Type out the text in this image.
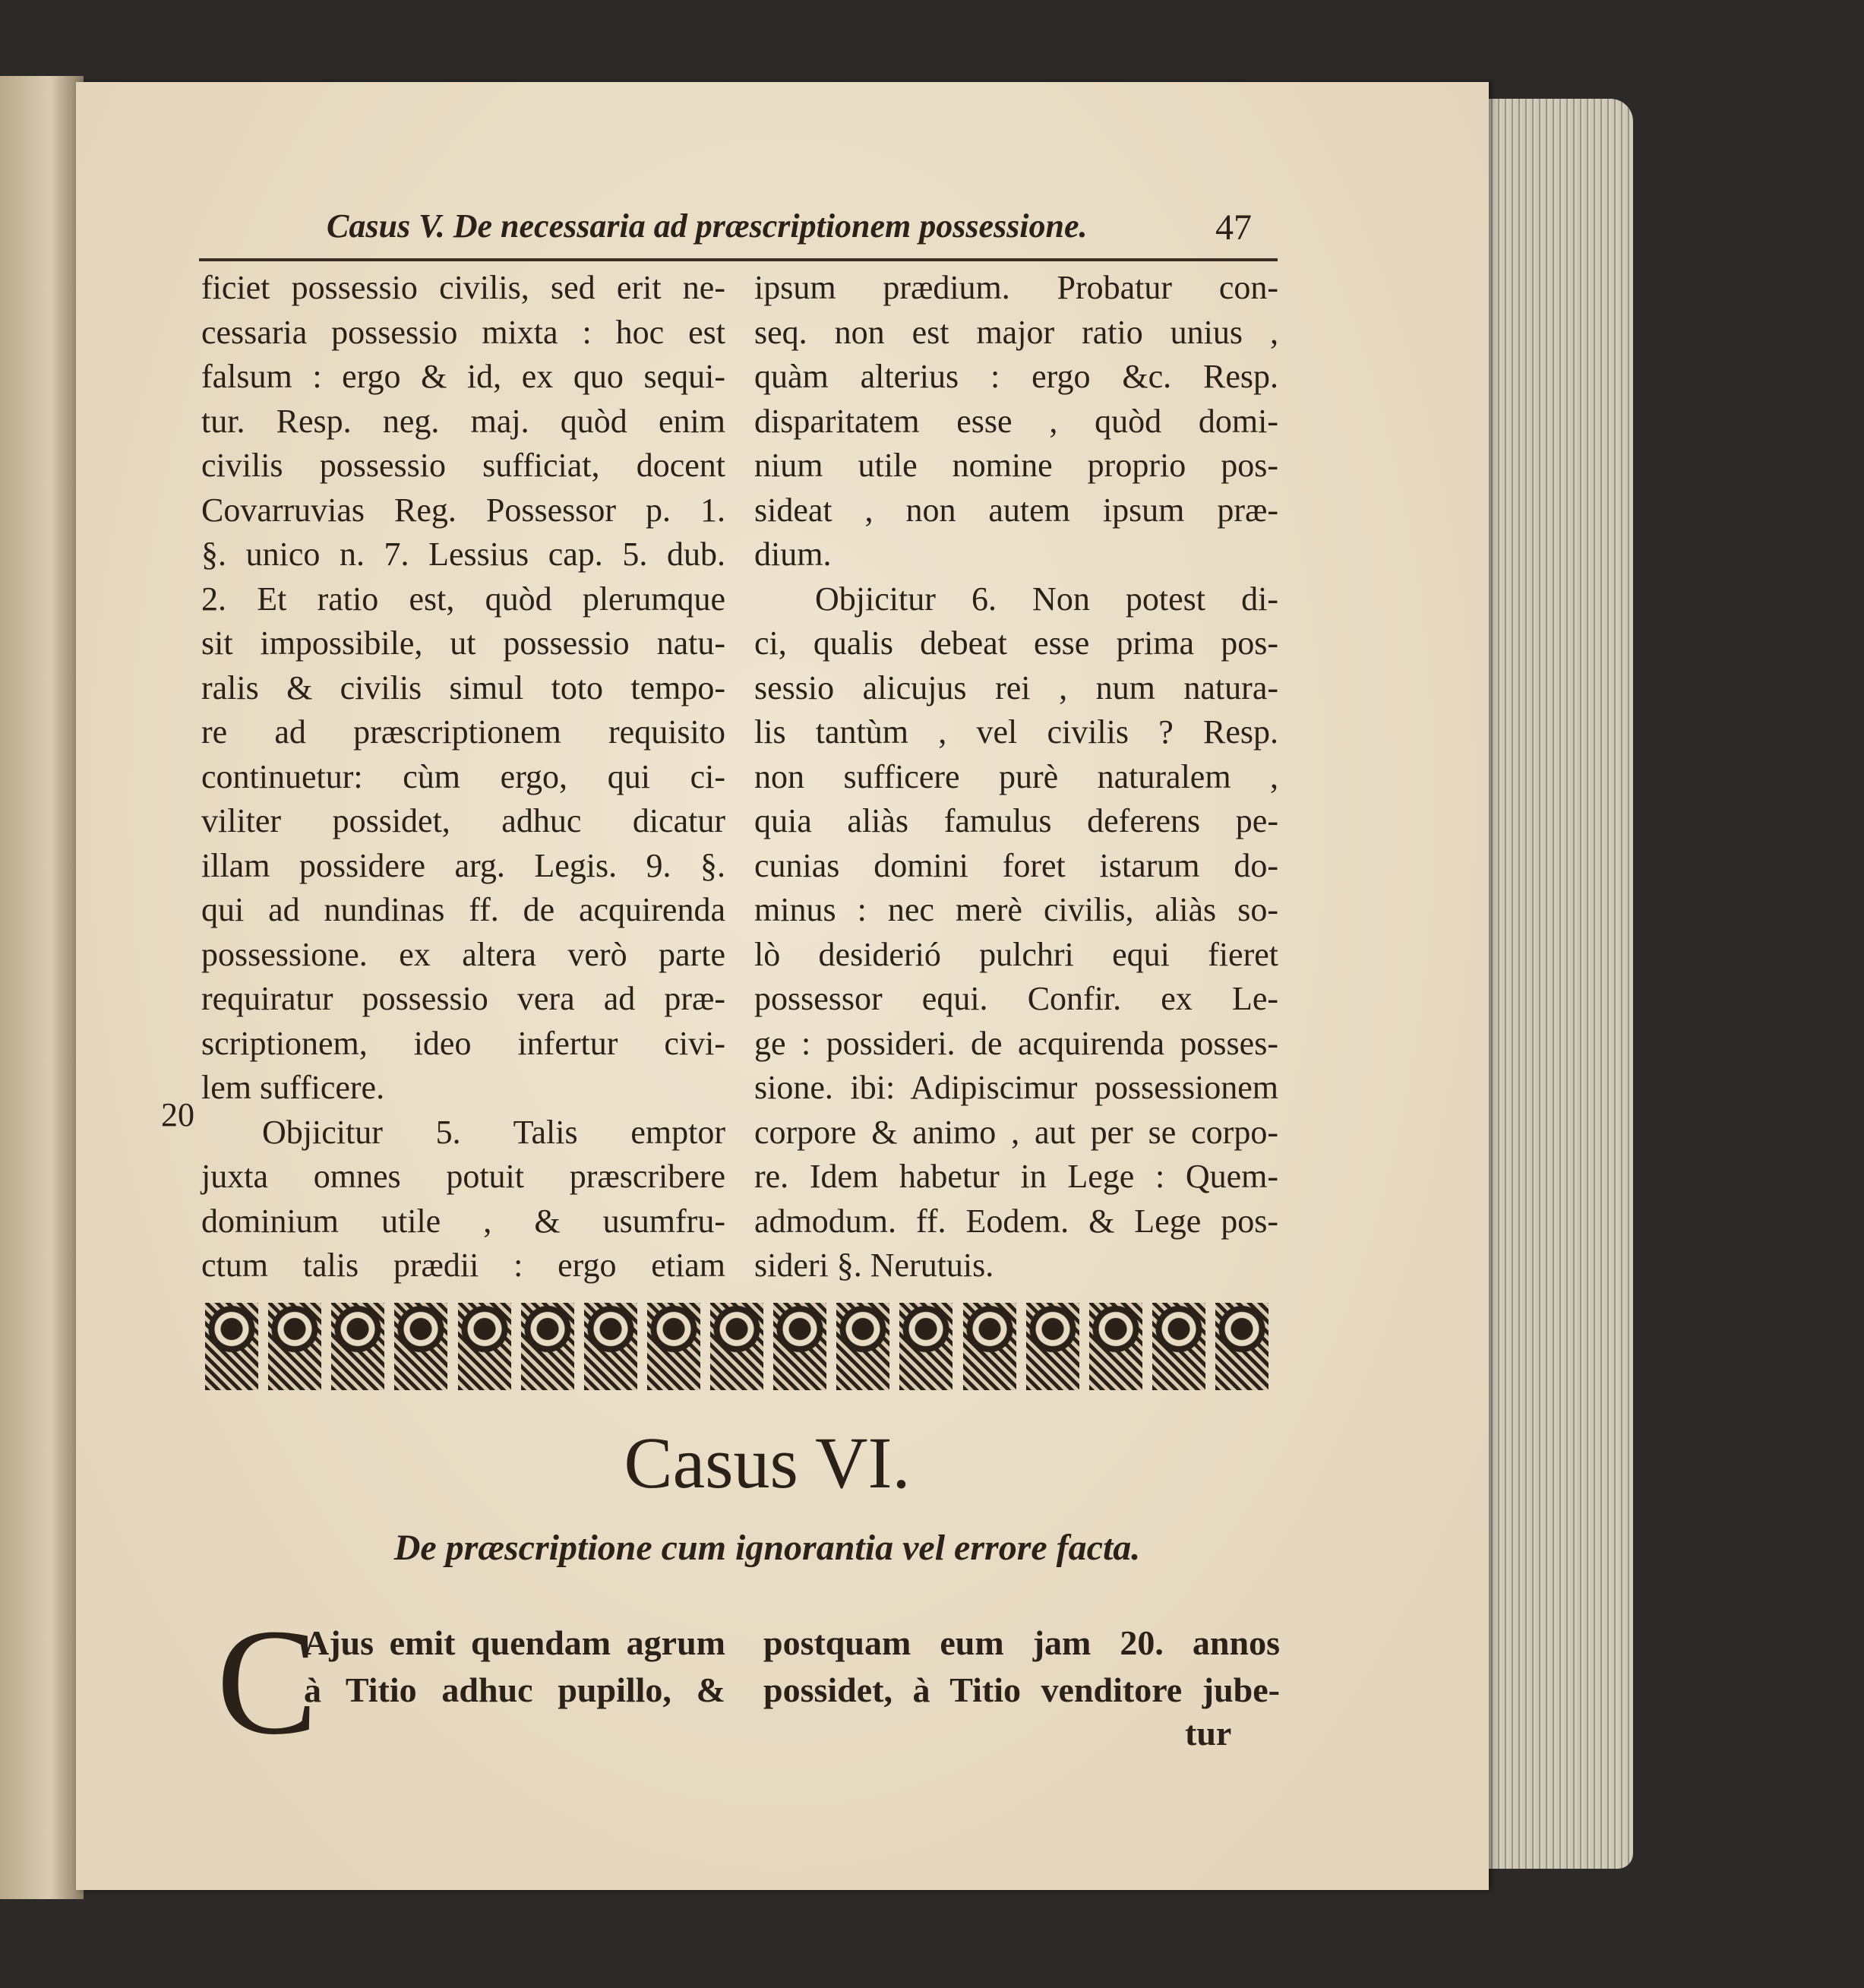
Casus V. De necessaria ad præscriptionem possessione.	47
ficiet possessio civilis, sed erit ne-
cessaria possessio mixta : hoc est
falsum : ergo & id, ex quo sequi-
tur. Resp. neg. maj. quòd enim
civilis possessio sufficiat, docent
Covarruvias Reg. Possessor p. 1.
§. unico n. 7. Lessius cap. 5. dub.
2. Et ratio est, quòd plerumque
sit impossibile, ut possessio natu-
ralis & civilis simul toto tempo-
re ad præscriptionem requisito
continuetur: cùm ergo, qui ci-
viliter possidet, adhuc dicatur
illam possidere arg. Legis. 9. §.
qui ad nundinas ff. de acquirenda
possessione. ex altera verò parte
requiratur possessio vera ad præ-
scriptionem, ideo infertur civi-
lem sufficere.
Objicitur 5. Talis emptor
juxta omnes potuit præscribere
dominium utile , & usumfru-
ctum talis prædii : ergo etiam
ipsum prædium. Probatur con-
seq. non est major ratio unius ,
quàm alterius : ergo &c. Resp.
disparitatem esse , quòd domi-
nium utile nomine proprio pos-
sideat , non autem ipsum præ-
dium.
Objicitur 6. Non potest di-
ci, qualis debeat esse prima pos-
sessio alicujus rei , num natura-
lis tantùm , vel civilis ? Resp.
non sufficere purè naturalem ,
quia aliàs famulus deferens pe-
cunias domini foret istarum do-
minus : nec merè civilis, aliàs so-
lò desiderió pulchri equi fieret
possessor equi. Confir. ex Le-
ge : possideri. de acquirenda posses-
sione. ibi: Adipiscimur possessionem
corpore & animo , aut per se corpo-
re. Idem habetur in Lege : Quem-
admodum. ff. Eodem. & Lege pos-
sideri §. Nerutuis.
20
Casus VI.
De præscriptione cum ignorantia vel errore facta.
C
Ajus emit quendam agrum
à Titio adhuc pupillo, &
postquam eum jam 20. annos
possidet, à Titio venditore jube-
tur
